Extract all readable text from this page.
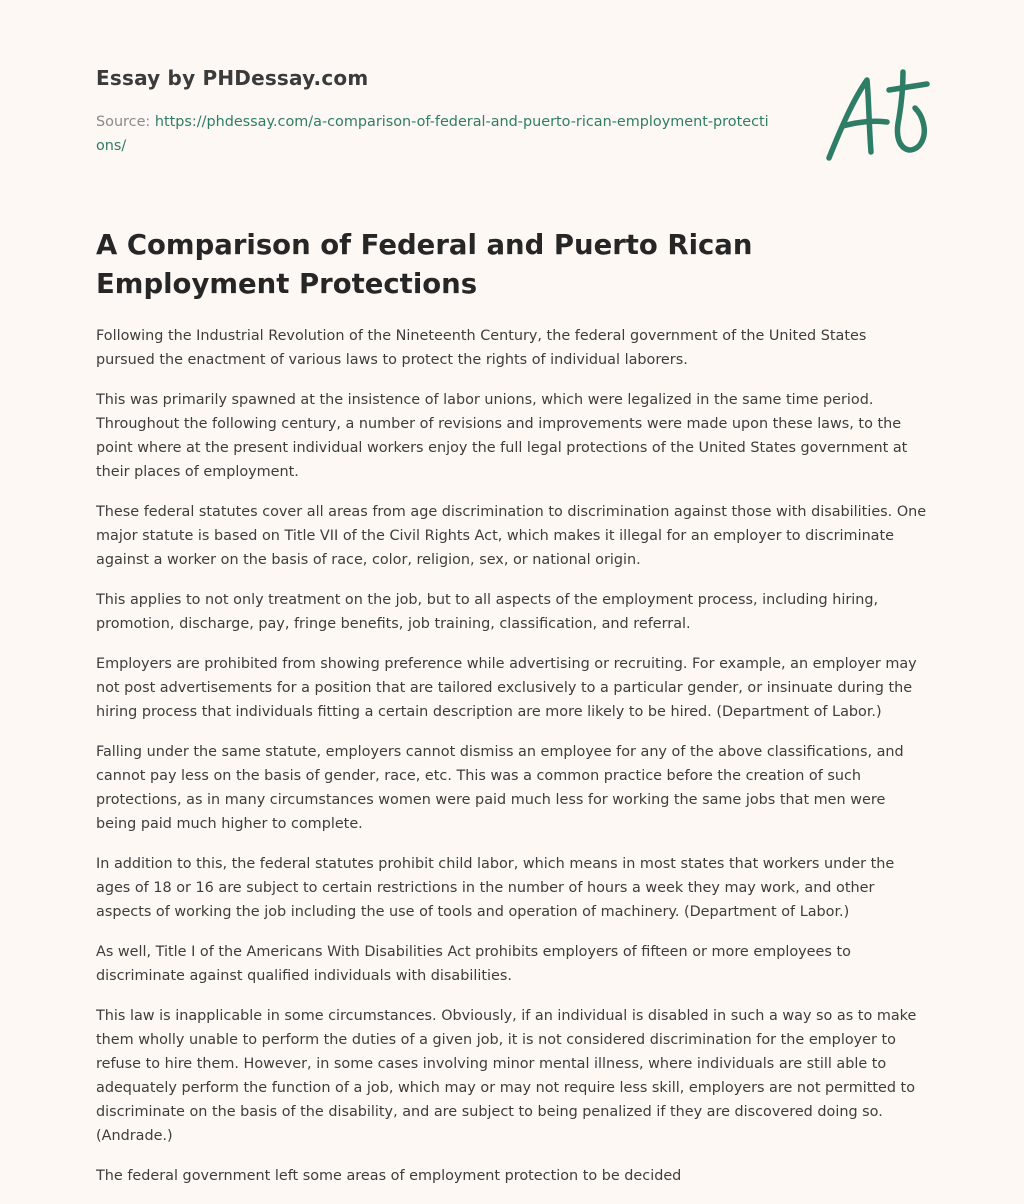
Essay by PHDessay.com
Source: https://phdessay.com/a-comparison-of-federal-and-puerto-rican-employment-protections/
A Comparison of Federal and Puerto Rican Employment Protections

Following the Industrial Revolution of the Nineteenth Century, the federal government of the United States pursued the enactment of various laws to protect the rights of individual laborers.

This was primarily spawned at the insistence of labor unions, which were legalized in the same time period. Throughout the following century, a number of revisions and improvements were made upon these laws, to the point where at the present individual workers enjoy the full legal protections of the United States government at their places of employment.

These federal statutes cover all areas from age discrimination to discrimination against those with disabilities. One major statute is based on Title VII of the Civil Rights Act, which makes it illegal for an employer to discriminate against a worker on the basis of race, color, religion, sex, or national origin.

This applies to not only treatment on the job, but to all aspects of the employment process, including hiring, promotion, discharge, pay, fringe benefits, job training, classification, and referral.

Employers are prohibited from showing preference while advertising or recruiting. For example, an employer may not post advertisements for a position that are tailored exclusively to a particular gender, or insinuate during the hiring process that individuals fitting a certain description are more likely to be hired. (Department of Labor.)

Falling under the same statute, employers cannot dismiss an employee for any of the above classifications, and cannot pay less on the basis of gender, race, etc. This was a common practice before the creation of such protections, as in many circumstances women were paid much less for working the same jobs that men were being paid much higher to complete.

In addition to this, the federal statutes prohibit child labor, which means in most states that workers under the ages of 18 or 16 are subject to certain restrictions in the number of hours a week they may work, and other aspects of working the job including the use of tools and operation of machinery. (Department of Labor.)

As well, Title I of the Americans With Disabilities Act prohibits employers of fifteen or more employees to discriminate against qualified individuals with disabilities.

This law is inapplicable in some circumstances. Obviously, if an individual is disabled in such a way so as to make them wholly unable to perform the duties of a given job, it is not considered discrimination for the employer to refuse to hire them. However, in some cases involving minor mental illness, where individuals are still able to adequately perform the function of a job, which may or may not require less skill, employers are not permitted to discriminate on the basis of the disability, and are subject to being penalized if they are discovered doing so. (Andrade.)

The federal government left some areas of employment protection to be decided
